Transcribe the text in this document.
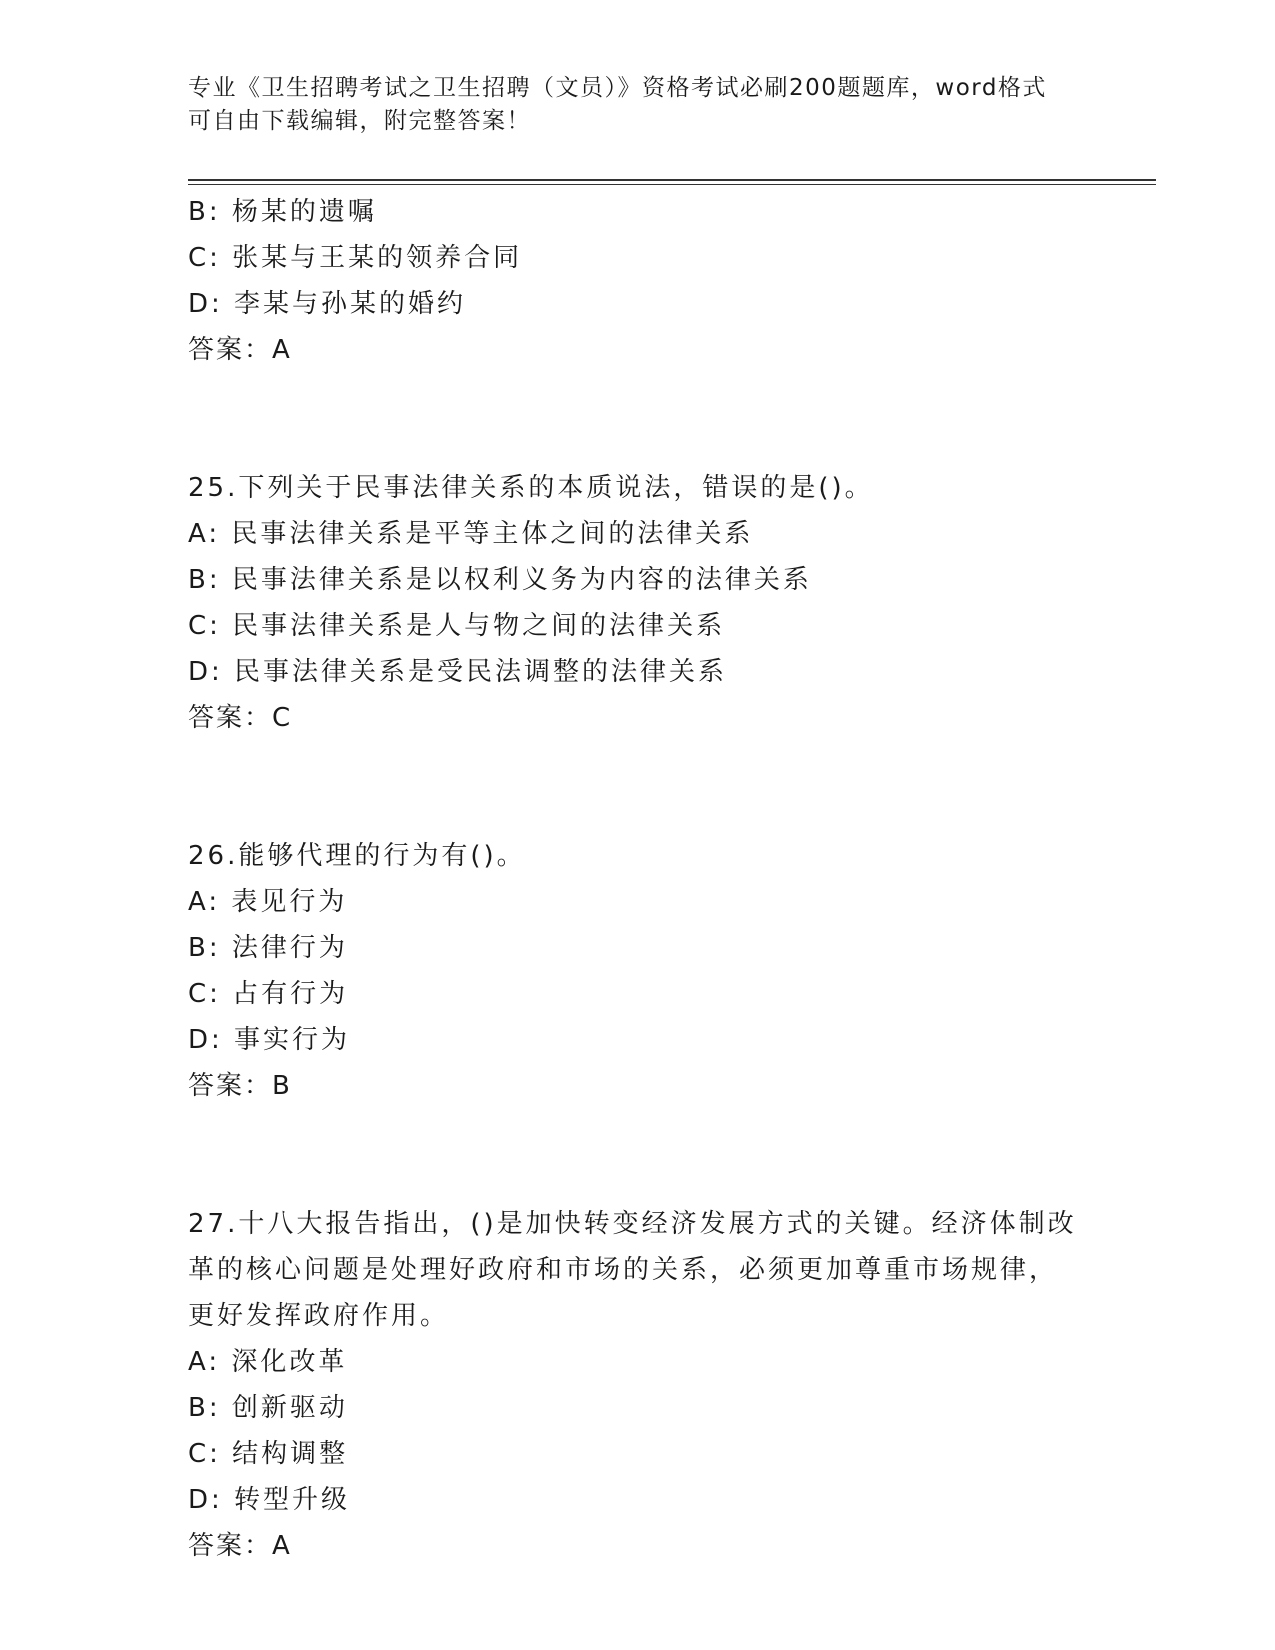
专业《卫生招聘考试之卫生招聘（文员）》资格考试必刷200题题库，word格式
可自由下载编辑，附完整答案！
B: 杨某的遗嘱
C: 张某与王某的领养合同
D: 李某与孙某的婚约
答案：A
25.下列关于民事法律关系的本质说法，错误的是()。
A: 民事法律关系是平等主体之间的法律关系
B: 民事法律关系是以权利义务为内容的法律关系
C: 民事法律关系是人与物之间的法律关系
D: 民事法律关系是受民法调整的法律关系
答案：C
26.能够代理的行为有()。
A: 表见行为
B: 法律行为
C: 占有行为
D: 事实行为
答案：B
27.十八大报告指出，()是加快转变经济发展方式的关键。经济体制改
革的核心问题是处理好政府和市场的关系，必须更加尊重市场规律，
更好发挥政府作用。
A: 深化改革
B: 创新驱动
C: 结构调整
D: 转型升级
答案：A
